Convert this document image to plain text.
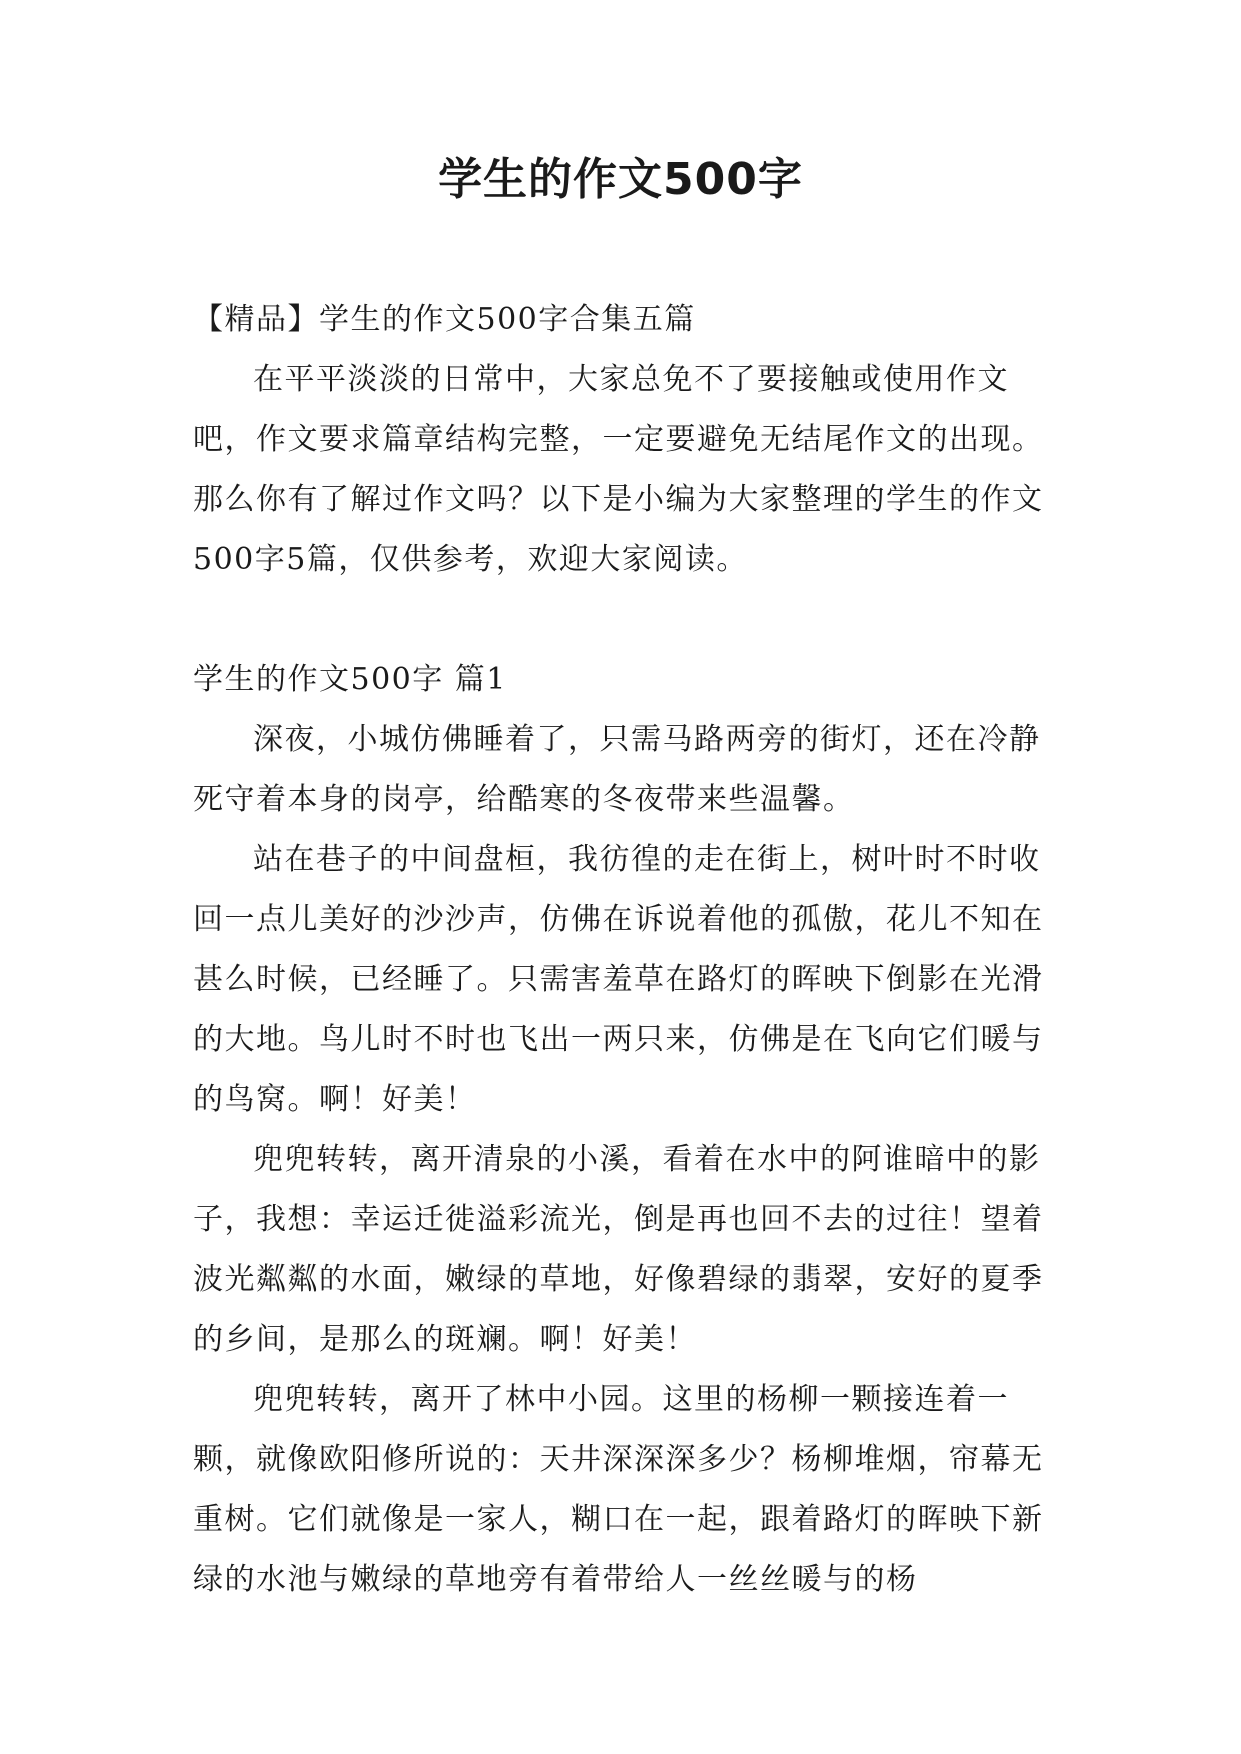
学生的作文500字

【精品】学生的作文500字合集五篇

在平平淡淡的日常中，大家总免不了要接触或使用作文吧，作文要求篇章结构完整，一定要避免无结尾作文的出现。那么你有了解过作文吗？以下是小编为大家整理的学生的作文500字5篇，仅供参考，欢迎大家阅读。

学生的作文500字 篇1

深夜，小城仿佛睡着了，只需马路两旁的街灯，还在冷静死守着本身的岗亭，给酷寒的冬夜带来些温馨。

站在巷子的中间盘桓，我彷徨的走在街上，树叶时不时收回一点儿美好的沙沙声，仿佛在诉说着他的孤傲，花儿不知在甚么时候，已经睡了。只需害羞草在路灯的晖映下倒影在光滑的大地。鸟儿时不时也飞出一两只来，仿佛是在飞向它们暖与的鸟窝。啊！好美！

兜兜转转，离开清泉的小溪，看着在水中的阿谁暗中的影子，我想：幸运迁徙溢彩流光，倒是再也回不去的过往！望着波光粼粼的水面，嫩绿的草地，好像碧绿的翡翠，安好的夏季的乡间，是那么的斑斓。啊！好美！

兜兜转转，离开了林中小园。这里的杨柳一颗接连着一颗，就像欧阳修所说的：天井深深深多少？杨柳堆烟，帘幕无重树。它们就像是一家人，糊口在一起，跟着路灯的晖映下新绿的水池与嫩绿的草地旁有着带给人一丝丝暖与的杨
